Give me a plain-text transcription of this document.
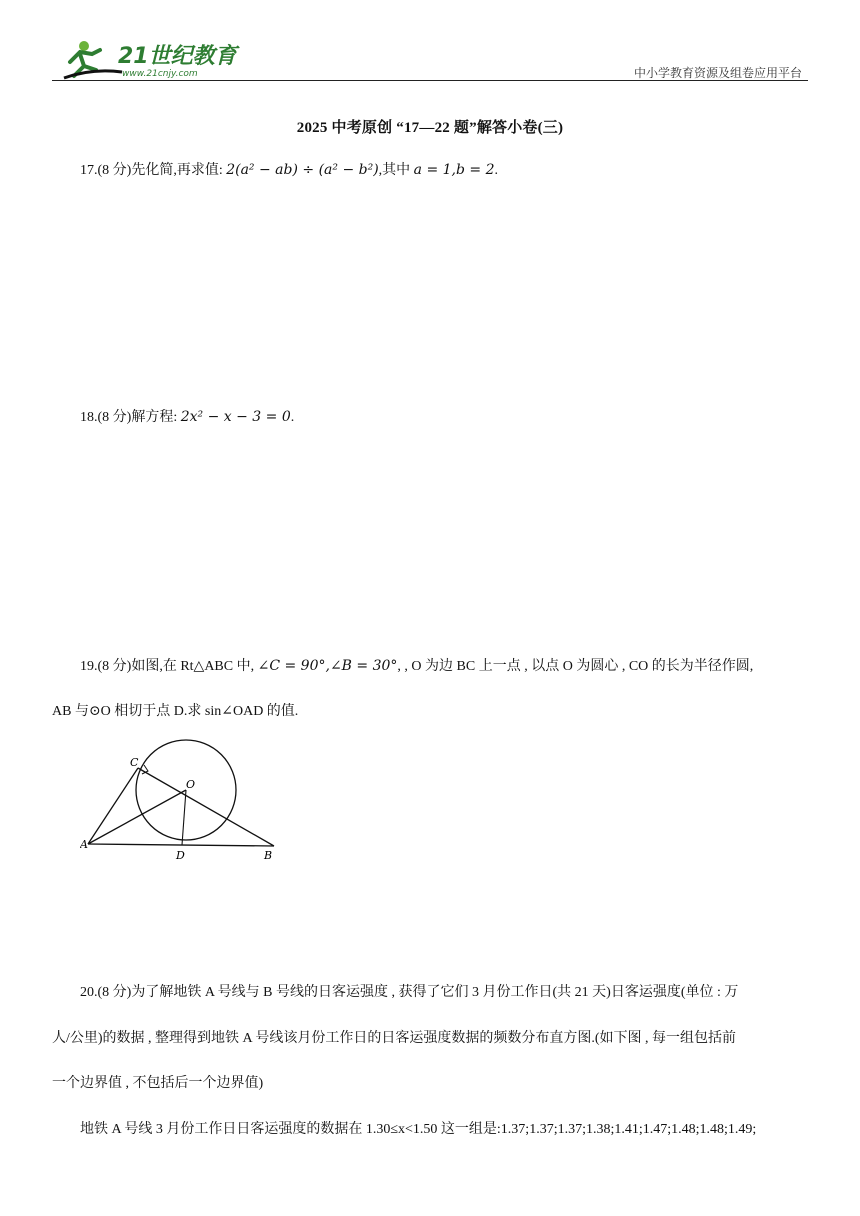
21世纪教育
www.21cnjy.com	中小学教育资源及组卷应用平台
2025 中考原创 “17—22 题”解答小卷(三)
17.(8 分)先化简,再求值: 2(a² − ab) ÷ (a² − b²),其中 a = 1,b = 2.
18.(8 分)解方程: 2x² − x − 3 = 0.
19.(8 分)如图,在 Rt△ABC 中, ∠C = 90°,∠B = 30°, , O 为边 BC 上一点 , 以点 O 为圆心 , CO 的长为半径作圆,
AB 与⊙O 相切于点 D.求 sin∠OAD 的值.
C
O
A
D	B
20.(8 分)为了解地铁 A 号线与 B 号线的日客运强度 , 获得了它们 3 月份工作日(共 21 天)日客运强度(单位 : 万
人/公里)的数据 , 整理得到地铁 A 号线该月份工作日的日客运强度数据的频数分布直方图.(如下图 , 每一组包括前
一个边界值 , 不包括后一个边界值)
地铁 A 号线 3 月份工作日日客运强度的数据在 1.30≤x<1.50 这一组是:1.37;1.37;1.37;1.38;1.41;1.47;1.48;1.48;1.49;
